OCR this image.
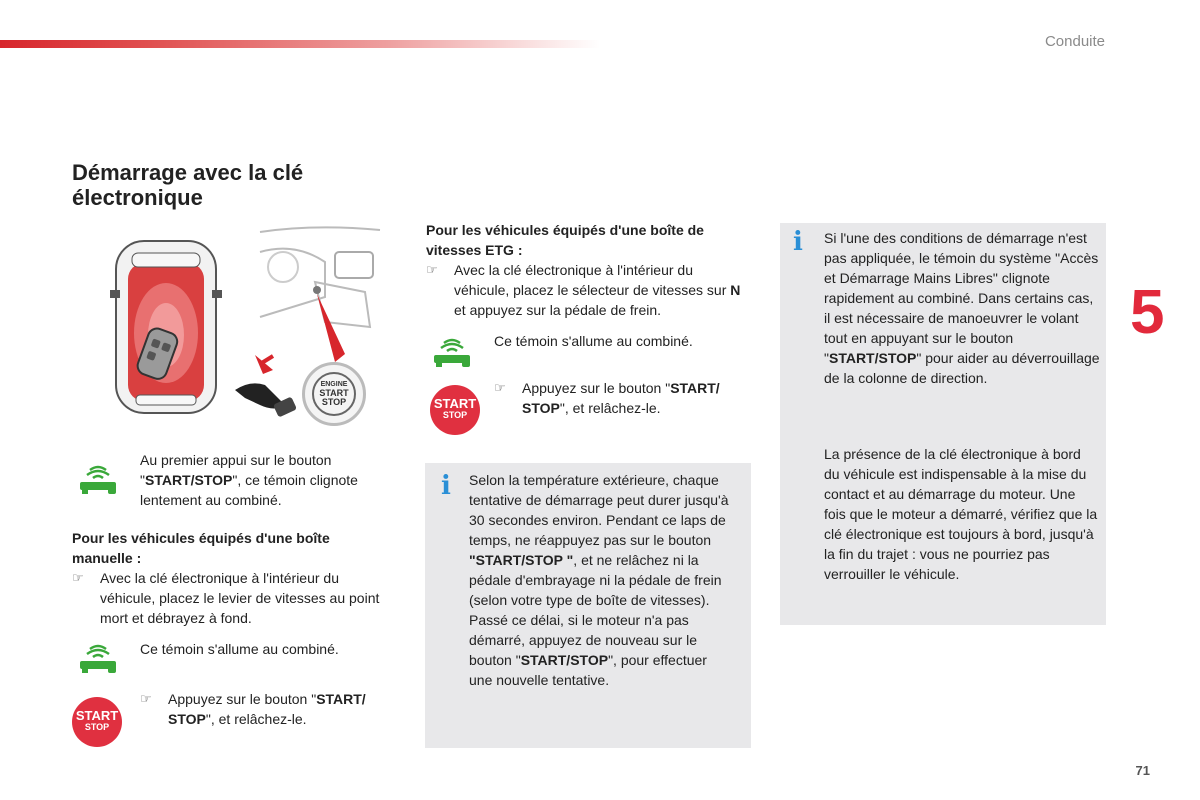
Conduite
5
71
Démarrage avec la clé électronique
ENGINE
START
STOP
Au premier appui sur le bouton "START/STOP", ce témoin clignote lentement au combiné.
Pour les véhicules équipés d'une boîte manuelle :
☞ Avec la clé électronique à l'intérieur du véhicule, placez le levier de vitesses au point mort et débrayez à fond.
Ce témoin s'allume au combiné.
START
STOP
☞ Appuyez sur le bouton "START/ STOP", et relâchez-le.
Pour les véhicules équipés d'une boîte de vitesses ETG :
☞ Avec la clé électronique à l'intérieur du véhicule, placez le sélecteur de vitesses sur N et appuyez sur la pédale de frein.
Ce témoin s'allume au combiné.
START
STOP
☞ Appuyez sur le bouton "START/ STOP", et relâchez-le.
i Selon la température extérieure, chaque tentative de démarrage peut durer jusqu'à 30 secondes environ. Pendant ce laps de temps, ne réappuyez pas sur le bouton "START/STOP ", et ne relâchez ni la pédale d'embrayage ni la pédale de frein (selon votre type de boîte de vitesses).
Passé ce délai, si le moteur n'a pas démarré, appuyez de nouveau sur le bouton "START/STOP", pour effectuer une nouvelle tentative.
i Si l'une des conditions de démarrage n'est pas appliquée, le témoin du système "Accès et Démarrage Mains Libres" clignote rapidement au combiné. Dans certains cas, il est nécessaire de manoeuvrer le volant tout en appuyant sur le bouton "START/STOP" pour aider au déverrouillage de la colonne de direction.
La présence de la clé électronique à bord du véhicule est indispensable à la mise du contact et au démarrage du moteur. Une fois que le moteur a démarré, vérifiez que la clé électronique est toujours à bord, jusqu'à la fin du trajet : vous ne pourriez pas verrouiller le véhicule.
